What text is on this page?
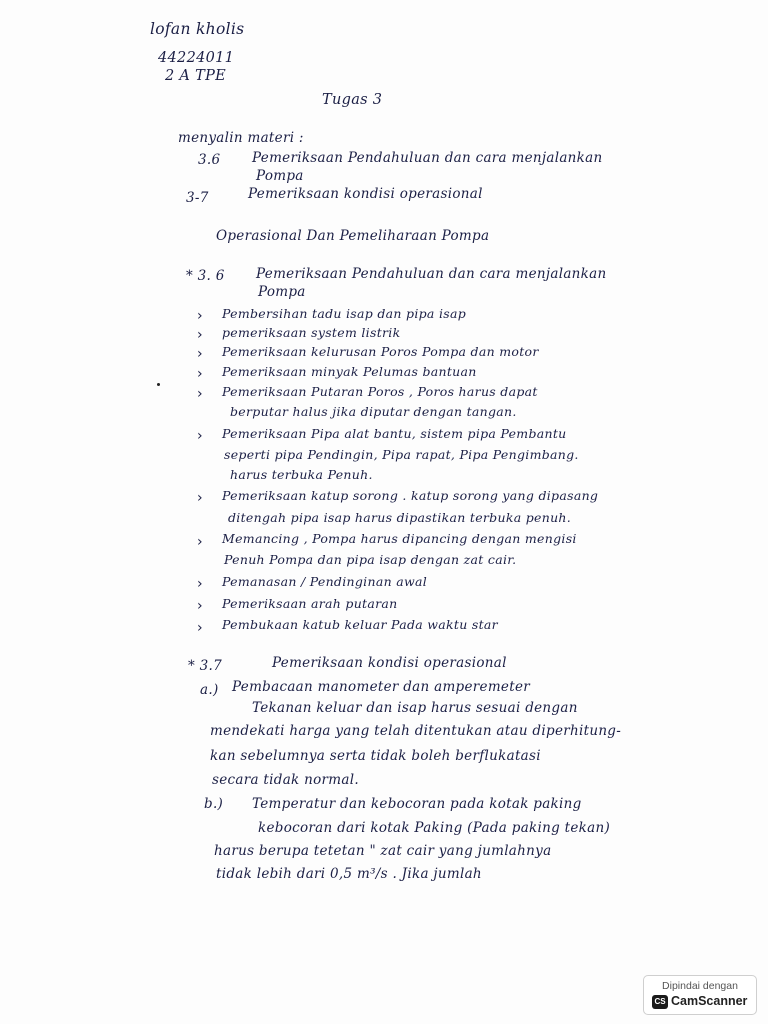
lofan kholis
44224011
2 A TPE
Tugas 3
menyalin materi :
3.6 Pemeriksaan Pendahuluan dan cara menjalankan
Pompa
3-7	Pemeriksaan kondisi operasional
Operasional Dan Pemeliharaan Pompa
* 3. 6 Pemeriksaan Pendahuluan dan cara menjalankan
Pompa
› Pembersihan tadu isap dan pipa isap
› pemeriksaan system listrik
› Pemeriksaan kelurusan Poros Pompa dan motor
› Pemeriksaan minyak Pelumas bantuan
› Pemeriksaan Putaran Poros , Poros harus dapat
berputar halus jika diputar dengan tangan.
› Pemeriksaan Pipa alat bantu, sistem pipa Pembantu
seperti pipa Pendingin, Pipa rapat, Pipa Pengimbang.
harus terbuka Penuh.
› Pemeriksaan katup sorong . katup sorong yang dipasang
ditengah pipa isap harus dipastikan terbuka penuh.
› Memancing , Pompa harus dipancing dengan mengisi
Penuh Pompa dan pipa isap dengan zat cair.
› Pemanasan / Pendinginan awal
› Pemeriksaan arah putaran
› Pembukaan katub keluar Pada waktu star
* 3.7	Pemeriksaan kondisi operasional
a.) Pembacaan manometer dan amperemeter
Tekanan keluar dan isap harus sesuai dengan
mendekati harga yang telah ditentukan atau diperhitung-
kan sebelumnya serta tidak boleh berflukatasi
secara tidak normal.
b.) Temperatur dan kebocoran pada kotak paking
kebocoran dari kotak Paking (Pada paking tekan)
harus berupa tetetan " zat cair yang jumlahnya
tidak lebih dari 0,5 m³/s . Jika jumlah
Dipindai dengan
CS CamScanner
